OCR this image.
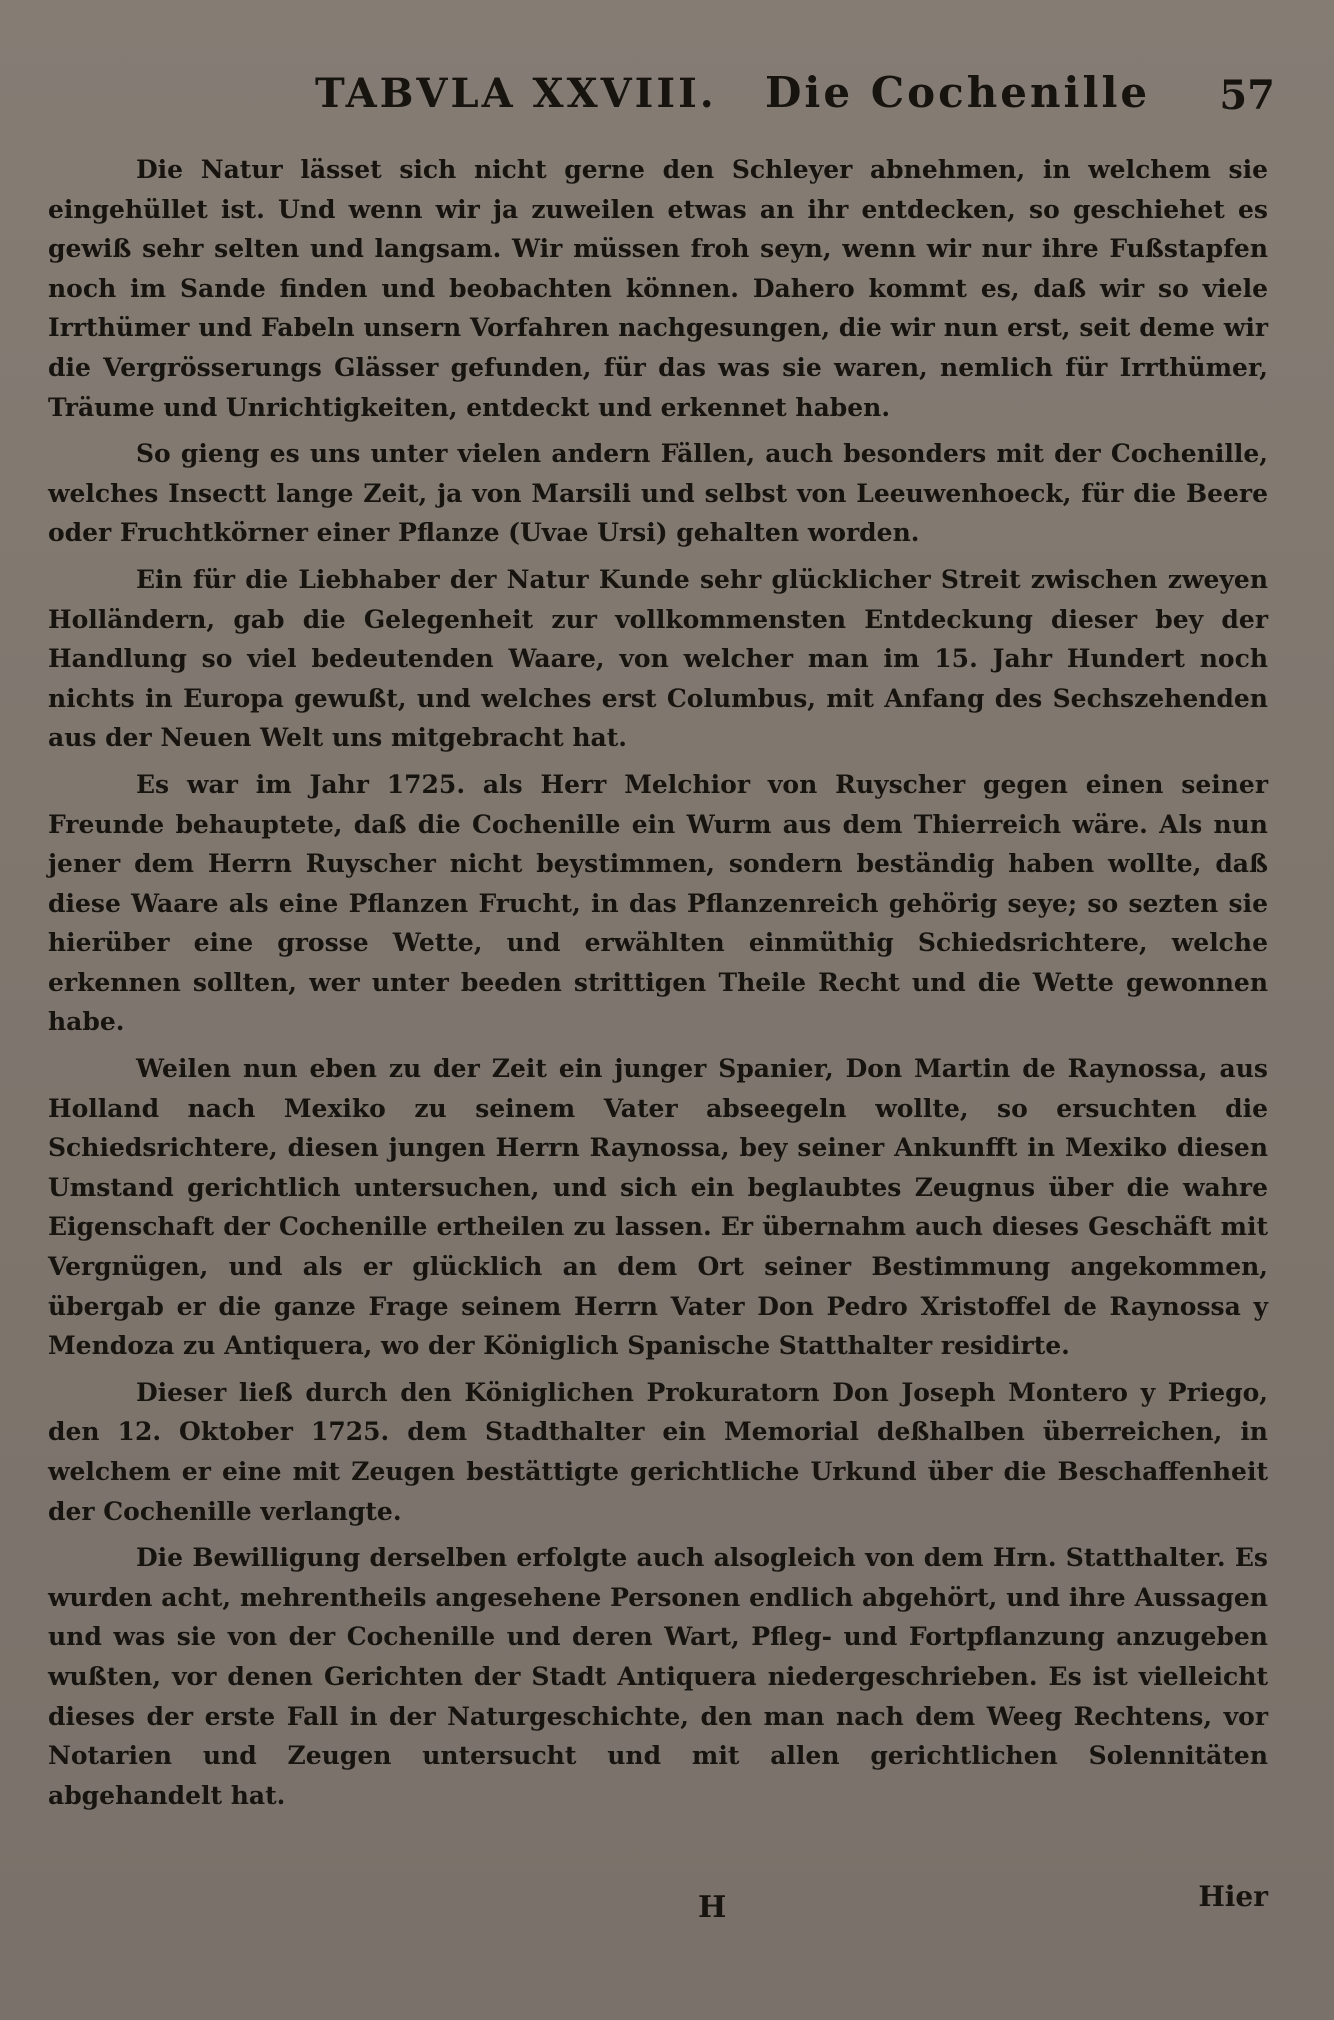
TABVLA XXVIII. Die Cochenille 57

Die Natur lässet sich nicht gerne den Schleyer abnehmen, in welchem sie eingehüllet ist. Und wenn wir ja zuweilen etwas an ihr entdecken, so geschiehet es gewiß sehr selten und langsam. Wir müssen froh seyn, wenn wir nur ihre Fußstapfen noch im Sande finden und beobachten können. Dahero kommt es, daß wir so viele Irrthümer und Fabeln unsern Vorfahren nachgesungen, die wir nun erst, seit deme wir die Vergrösserungs Glässer gefunden, für das was sie waren, nemlich für Irrthümer, Träume und Unrichtigkeiten, entdeckt und erkennet haben.

So gieng es uns unter vielen andern Fällen, auch besonders mit der Cochenille, welches Insectt lange Zeit, ja von Marsili und selbst von Leeuwenhoeck, für die Beere oder Fruchtkörner einer Pflanze (Uvae Ursi) gehalten worden.

Ein für die Liebhaber der Natur Kunde sehr glücklicher Streit zwischen zweyen Holländern, gab die Gelegenheit zur vollkommensten Entdeckung dieser bey der Handlung so viel bedeutenden Waare, von welcher man im 15. Jahr Hundert noch nichts in Europa gewußt, und welches erst Columbus, mit Anfang des Sechszehenden aus der Neuen Welt uns mitgebracht hat.

Es war im Jahr 1725. als Herr Melchior von Ruyscher gegen einen seiner Freunde behauptete, daß die Cochenille ein Wurm aus dem Thierreich wäre. Als nun jener dem Herrn Ruyscher nicht beystimmen, sondern beständig haben wollte, daß diese Waare als eine Pflanzen Frucht, in das Pflanzenreich gehörig seye; so sezten sie hierüber eine grosse Wette, und erwählten einmüthig Schiedsrichtere, welche erkennen sollten, wer unter beeden strittigen Theile Recht und die Wette gewonnen habe.

Weilen nun eben zu der Zeit ein junger Spanier, Don Martin de Raynossa, aus Holland nach Mexiko zu seinem Vater abseegeln wollte, so ersuchten die Schiedsrichtere, diesen jungen Herrn Raynossa, bey seiner Ankunfft in Mexiko diesen Umstand gerichtlich untersuchen, und sich ein beglaubtes Zeugnus über die wahre Eigenschaft der Cochenille ertheilen zu lassen. Er übernahm auch dieses Geschäft mit Vergnügen, und als er glücklich an dem Ort seiner Bestimmung angekommen, übergab er die ganze Frage seinem Herrn Vater Don Pedro Xristoffel de Raynossa y Mendoza zu Antiquera, wo der Königlich Spanische Statthalter residirte.

Dieser ließ durch den Königlichen Prokuratorn Don Joseph Montero y Priego, den 12. Oktober 1725. dem Stadthalter ein Memorial deßhalben überreichen, in welchem er eine mit Zeugen bestättigte gerichtliche Urkund über die Beschaffenheit der Cochenille verlangte.

Die Bewilligung derselben erfolgte auch alsogleich von dem Hrn. Statthalter. Es wurden acht, mehrentheils angesehene Personen endlich abgehört, und ihre Aussagen und was sie von der Cochenille und deren Wart, Pfleg- und Fortpflanzung anzugeben wußten, vor denen Gerichten der Stadt Antiquera niedergeschrieben. Es ist vielleicht dieses der erste Fall in der Naturgeschichte, den man nach dem Weeg Rechtens, vor Notarien und Zeugen untersucht und mit allen gerichtlichen Solennitäten abgehandelt hat.

H	Hier
